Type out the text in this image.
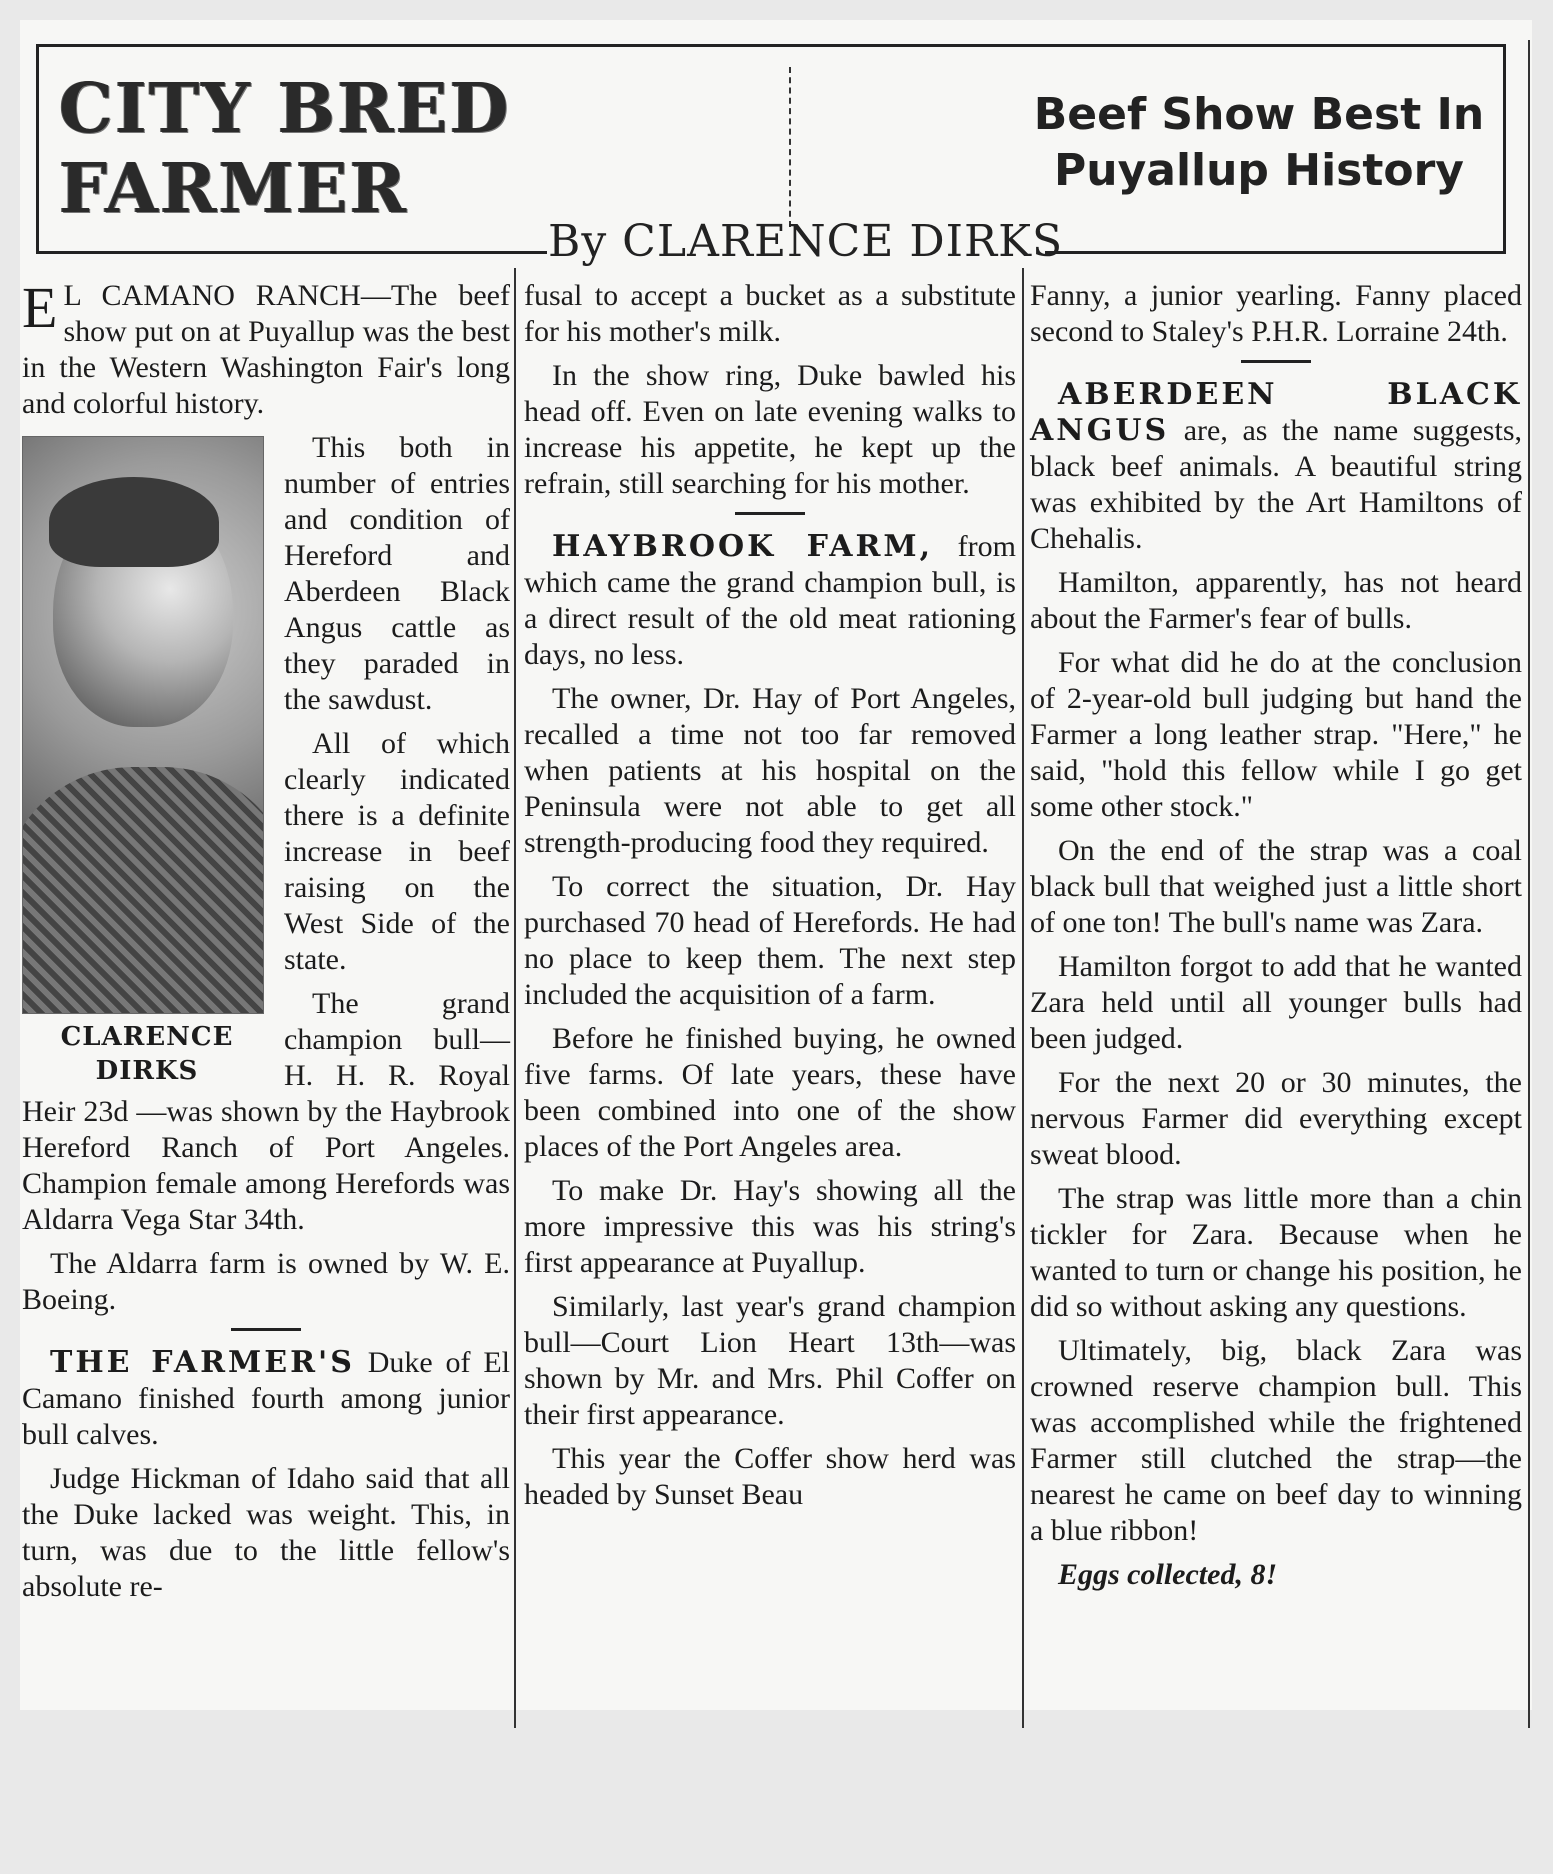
CITY BRED
FARMER
Beef Show Best In
Puyallup History
By CLARENCE DIRKS

E L CAMANO RANCH—The beef show put on at Puyallup was the best in the Western Washington Fair's long and colorful history.

CLARENCE
DIRKS

This both in number of entries and condition of Hereford and Aberdeen Black Angus cattle as they paraded in the sawdust.

All of which clearly indicated there is a definite increase in beef raising on the West Side of the state.

The grand champion bull—H. H. R. Royal Heir 23d —was shown by the Haybrook Hereford Ranch of Port Angeles. Champion female among Herefords was Aldarra Vega Star 34th.

The Aldarra farm is owned by W. E. Boeing.

THE FARMER'S Duke of El Camano finished fourth among junior bull calves.

Judge Hickman of Idaho said that all the Duke lacked was weight. This, in turn, was due to the little fellow's absolute re-

fusal to accept a bucket as a substitute for his mother's milk.

In the show ring, Duke bawled his head off. Even on late evening walks to increase his appetite, he kept up the refrain, still searching for his mother.

HAYBROOK FARM, from which came the grand champion bull, is a direct result of the old meat rationing days, no less.

The owner, Dr. Hay of Port Angeles, recalled a time not too far removed when patients at his hospital on the Peninsula were not able to get all strength-producing food they required.

To correct the situation, Dr. Hay purchased 70 head of Herefords. He had no place to keep them. The next step included the acquisition of a farm.

Before he finished buying, he owned five farms. Of late years, these have been combined into one of the show places of the Port Angeles area.

To make Dr. Hay's showing all the more impressive this was his string's first appearance at Puyallup.

Similarly, last year's grand champion bull—Court Lion Heart 13th—was shown by Mr. and Mrs. Phil Coffer on their first appearance.

This year the Coffer show herd was headed by Sunset Beau

Fanny, a junior yearling. Fanny placed second to Staley's P.H.R. Lorraine 24th.

ABERDEEN BLACK ANGUS are, as the name suggests, black beef animals. A beautiful string was exhibited by the Art Hamiltons of Chehalis.

Hamilton, apparently, has not heard about the Farmer's fear of bulls.

For what did he do at the conclusion of 2-year-old bull judging but hand the Farmer a long leather strap. "Here," he said, "hold this fellow while I go get some other stock."

On the end of the strap was a coal black bull that weighed just a little short of one ton! The bull's name was Zara.

Hamilton forgot to add that he wanted Zara held until all younger bulls had been judged.

For the next 20 or 30 minutes, the nervous Farmer did everything except sweat blood.

The strap was little more than a chin tickler for Zara. Because when he wanted to turn or change his position, he did so without asking any questions.

Ultimately, big, black Zara was crowned reserve champion bull. This was accomplished while the frightened Farmer still clutched the strap—the nearest he came on beef day to winning a blue ribbon!

Eggs collected, 8!
